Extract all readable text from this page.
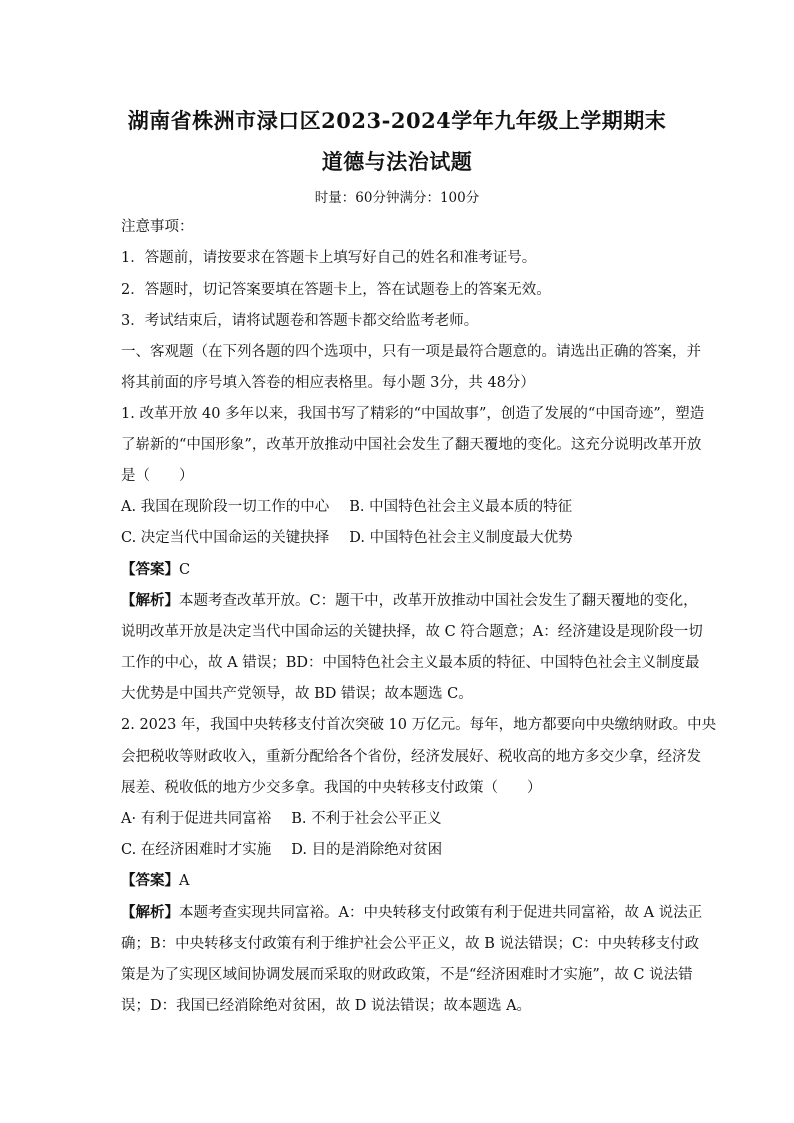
湖南省株洲市渌口区2023-2024学年九年级上学期期末
道德与法治试题
时量：60分钟满分：100分
注意事项：
1．答题前，请按要求在答题卡上填写好自己的姓名和准考证号。
2．答题时，切记答案要填在答题卡上，答在试题卷上的答案无效。
3．考试结束后，请将试题卷和答题卡都交给监考老师。
一、客观题（在下列各题的四个选项中，只有一项是最符合题意的。请选出正确的答案，并
将其前面的序号填入答卷的相应表格里。每小题 3分，共 48分）
1. 改革开放 40 多年以来，我国书写了精彩的“中国故事”，创造了发展的“中国奇迹”，塑造
了崭新的“中国形象”，改革开放推动中国社会发生了翻天覆地的变化。这充分说明改革开放
是（　　）
A. 我国在现阶段一切工作的中心 B. 中国特色社会主义最本质的特征
C. 决定当代中国命运的关键抉择 D. 中国特色社会主义制度最大优势
【答案】C
【解析】本题考查改革开放。C：题干中，改革开放推动中国社会发生了翻天覆地的变化，
说明改革开放是决定当代中国命运的关键抉择，故 C 符合题意；A：经济建设是现阶段一切
工作的中心，故 A 错误；BD：中国特色社会主义最本质的特征、中国特色社会主义制度最
大优势是中国共产党领导，故 BD 错误；故本题选 C。
2. 2023 年，我国中央转移支付首次突破 10 万亿元。每年，地方都要向中央缴纳财政。中央
会把税收等财政收入，重新分配给各个省份，经济发展好、税收高的地方多交少拿，经济发
展差、税收低的地方少交多拿。我国的中央转移支付政策（　　）
A· 有利于促进共同富裕 B. 不利于社会公平正义
C. 在经济困难时才实施 D. 目的是消除绝对贫困
【答案】A
【解析】本题考查实现共同富裕。A：中央转移支付政策有利于促进共同富裕，故 A 说法正
确；B：中央转移支付政策有利于维护社会公平正义，故 B 说法错误；C：中央转移支付政
策是为了实现区域间协调发展而采取的财政政策，不是“经济困难时才实施”，故 C 说法错
误；D：我国已经消除绝对贫困，故 D 说法错误；故本题选 A。
